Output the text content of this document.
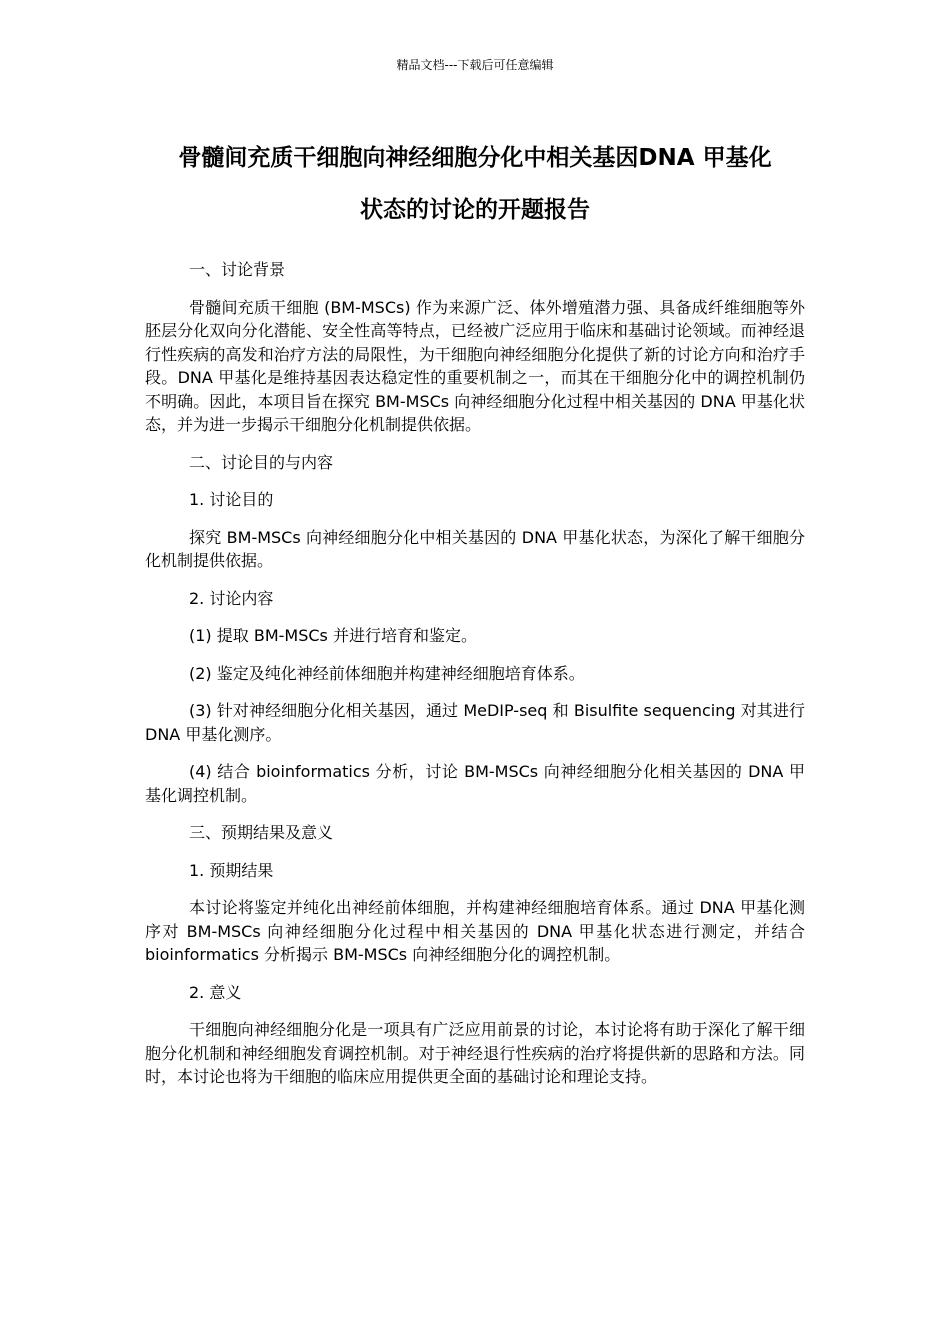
精品文档---下载后可任意编辑
骨髓间充质干细胞向神经细胞分化中相关基因DNA 甲基化
状态的讨论的开题报告

一、讨论背景

骨髓间充质干细胞 (BM-MSCs) 作为来源广泛、体外增殖潜力强、具备成纤维细胞等外胚层分化双向分化潜能、安全性高等特点，已经被广泛应用于临床和基础讨论领域。而神经退行性疾病的高发和治疗方法的局限性，为干细胞向神经细胞分化提供了新的讨论方向和治疗手段。DNA 甲基化是维持基因表达稳定性的重要机制之一，而其在干细胞分化中的调控机制仍不明确。因此，本项目旨在探究 BM-MSCs 向神经细胞分化过程中相关基因的 DNA 甲基化状态，并为进一步揭示干细胞分化机制提供依据。

二、讨论目的与内容

1. 讨论目的

探究 BM-MSCs 向神经细胞分化中相关基因的 DNA 甲基化状态，为深化了解干细胞分化机制提供依据。

2. 讨论内容

(1) 提取 BM-MSCs 并进行培育和鉴定。

(2) 鉴定及纯化神经前体细胞并构建神经细胞培育体系。

(3) 针对神经细胞分化相关基因，通过 MeDIP-seq 和 Bisulfite sequencing 对其进行 DNA 甲基化测序。

(4) 结合 bioinformatics 分析，讨论 BM-MSCs 向神经细胞分化相关基因的 DNA 甲基化调控机制。

三、预期结果及意义

1. 预期结果

本讨论将鉴定并纯化出神经前体细胞，并构建神经细胞培育体系。通过 DNA 甲基化测序对 BM-MSCs 向神经细胞分化过程中相关基因的 DNA 甲基化状态进行测定，并结合 bioinformatics 分析揭示 BM-MSCs 向神经细胞分化的调控机制。

2. 意义

干细胞向神经细胞分化是一项具有广泛应用前景的讨论，本讨论将有助于深化了解干细胞分化机制和神经细胞发育调控机制。对于神经退行性疾病的治疗将提供新的思路和方法。同时，本讨论也将为干细胞的临床应用提供更全面的基础讨论和理论支持。
